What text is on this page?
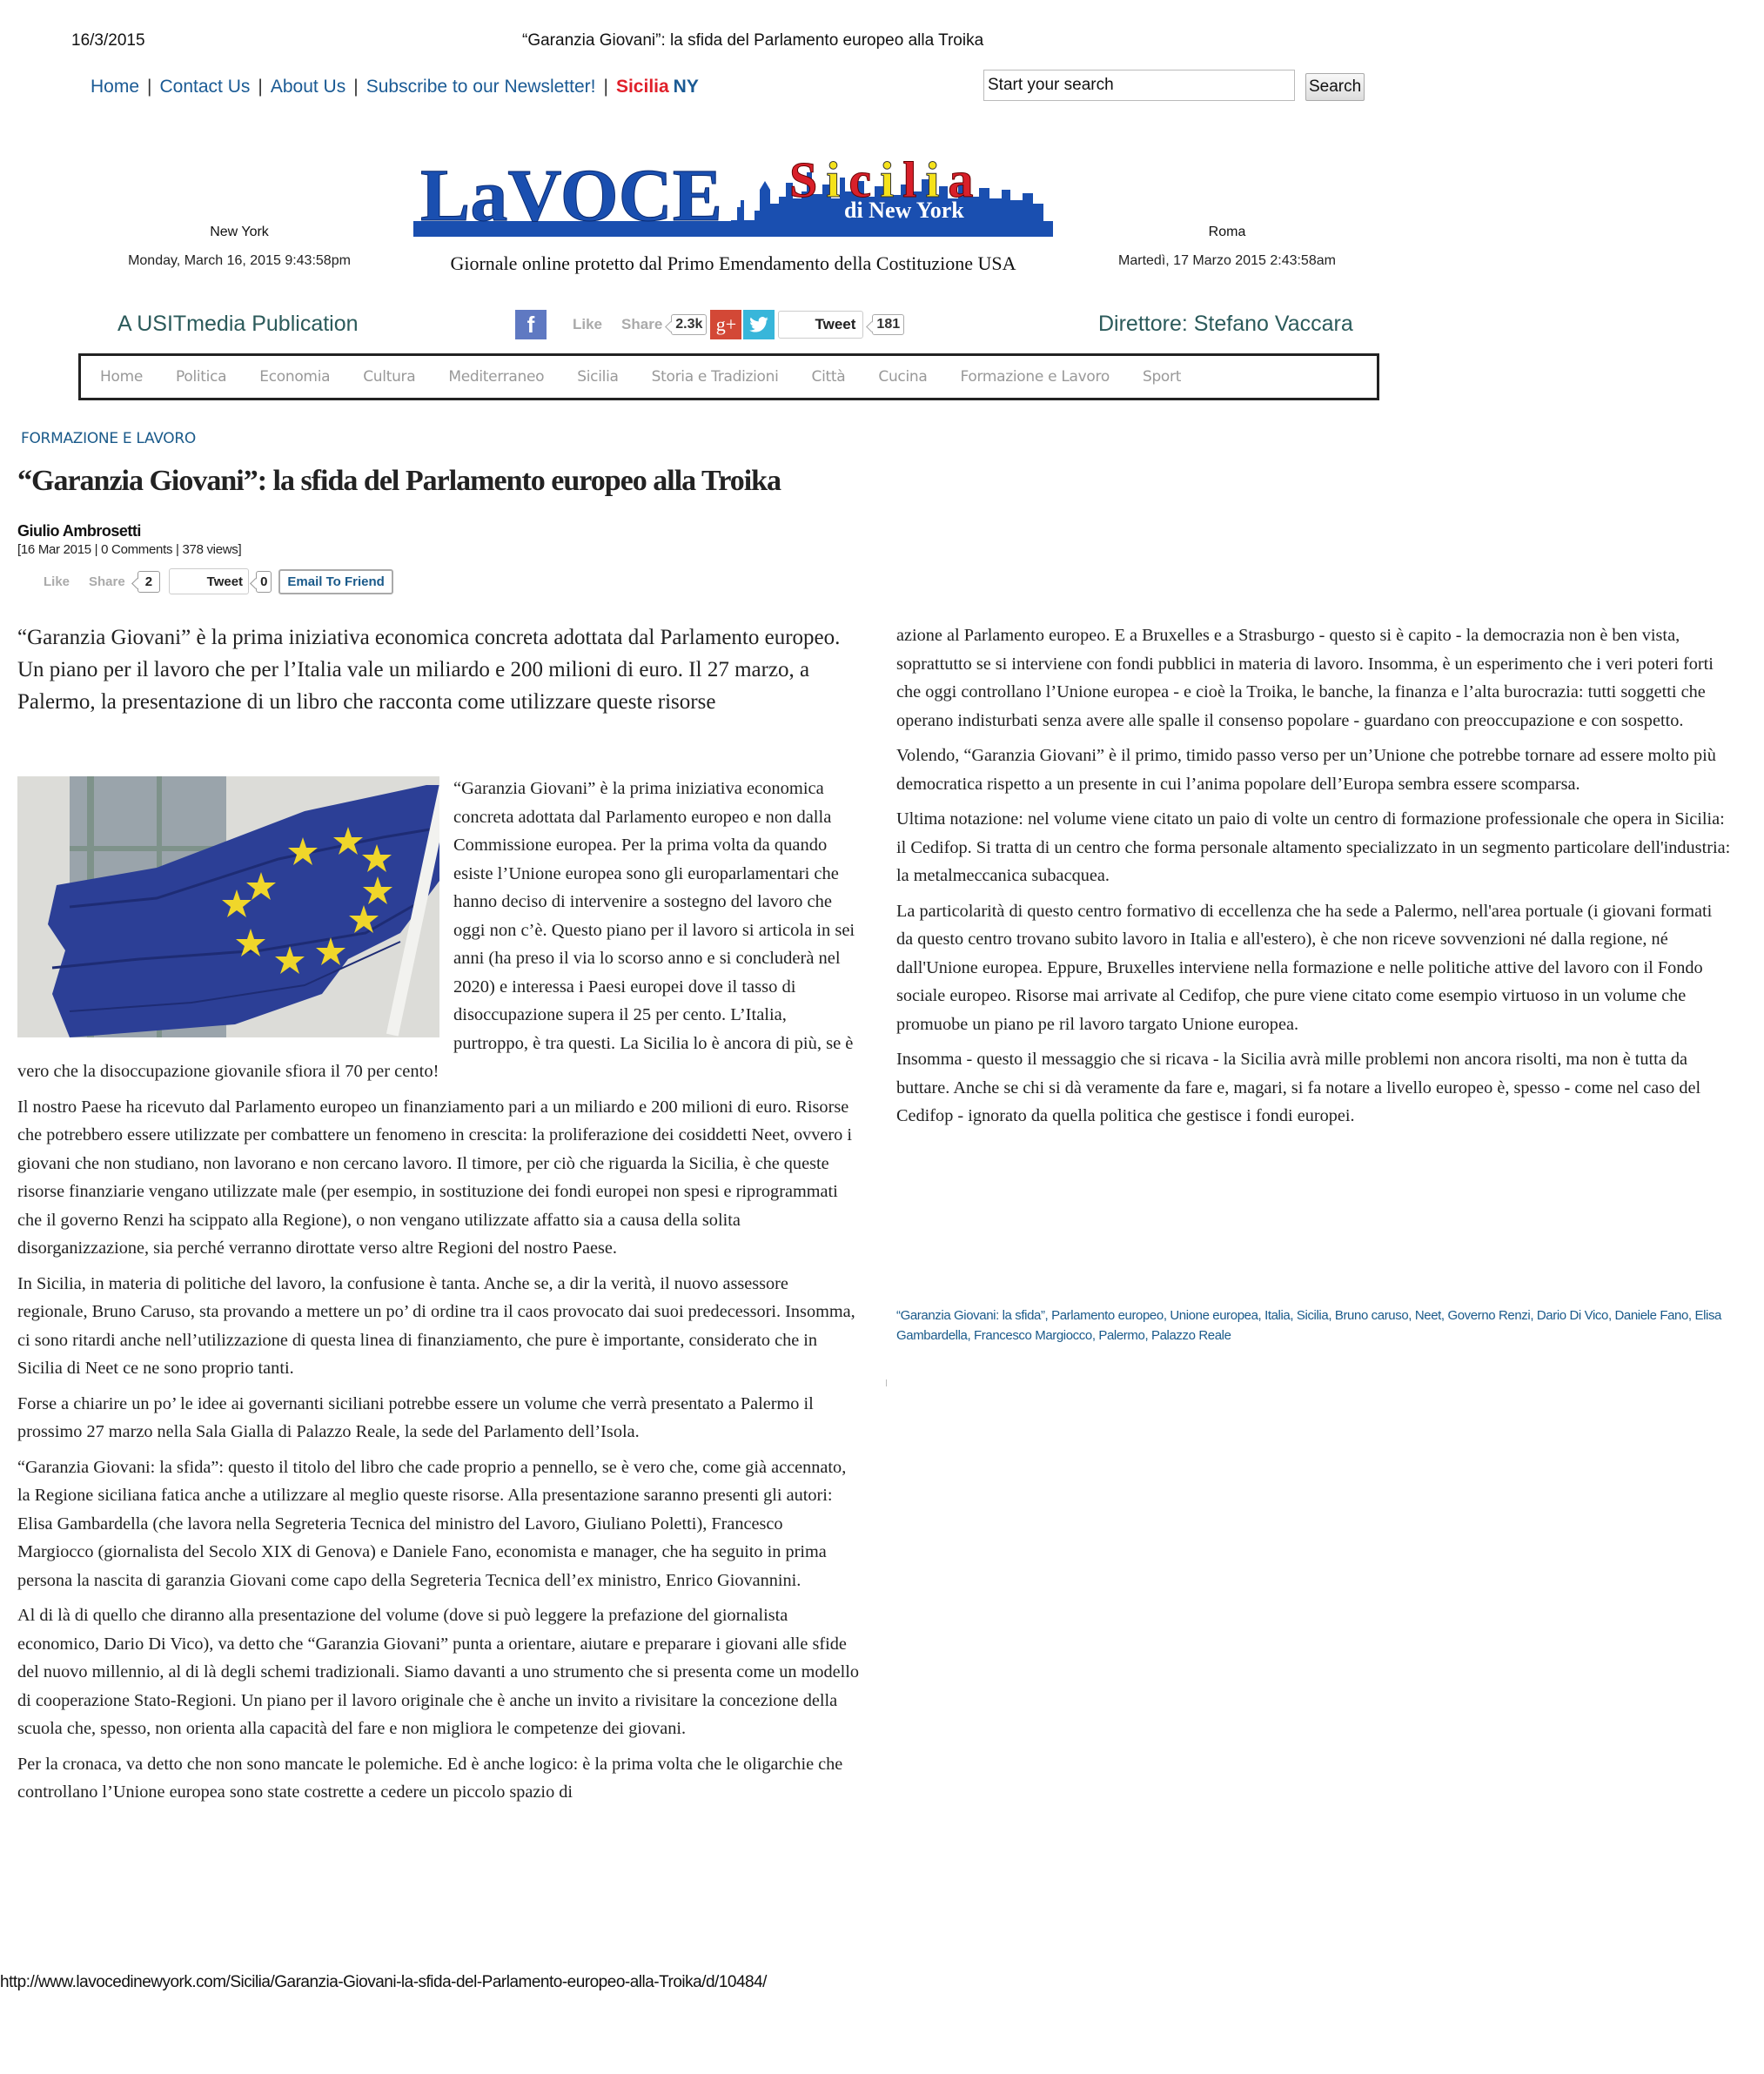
16/3/2015	“Garanzia Giovani”: la sfida del Parlamento europeo alla Troika
Home | Contact Us | About Us | Subscribe to our Newsletter! | Sicilia NY
Start your search	Search
LaVOCE S i c i l i a
di New York
New York
Monday, March 16, 2015 9:43:58pm	Giornale online protetto dal Primo Emendamento della Costituzione USA
Roma
Martedì, 17 Marzo 2015 2:43:58am
A USITmedia Publication	f	Like Share 2.3k g+	Tweet	181	Direttore: Stefano Vaccara
Home Politica Economia Cultura Mediterraneo Sicilia Storia e Tradizioni Città Cucina Formazione e Lavoro Sport
FORMAZIONE E LAVORO
“Garanzia Giovani”: la sfida del Parlamento europeo alla Troika
Giulio Ambrosetti
[16 Mar 2015 | 0 Comments | 378 views]
Like Share	2	Tweet	0	Email To Friend
“Garanzia Giovani” è la prima iniziativa economica concreta adottata dal Parlamento europeo. Un piano per il lavoro che per l’Italia vale un miliardo e 200 milioni di euro. Il 27 marzo, a Palermo, la presentazione di un libro che racconta come utilizzare queste risorse

“Garanzia Giovani” è la prima iniziativa economica concreta adottata dal Parlamento europeo e non dalla Commissione europea. Per la prima volta da quando esiste l’Unione europea sono gli europarlamentari che hanno deciso di intervenire a sostegno del lavoro che oggi non c’è. Questo piano per il lavoro si articola in sei anni (ha preso il via lo scorso anno e si concluderà nel 2020) e interessa i Paesi europei dove il tasso di disoccupazione supera il 25 per cento. L’Italia, purtroppo, è tra questi. La Sicilia lo è ancora di più, se è vero che la disoccupazione giovanile sfiora il 70 per cento!

Il nostro Paese ha ricevuto dal Parlamento europeo un finanziamento pari a un miliardo e 200 milioni di euro. Risorse che potrebbero essere utilizzate per combattere un fenomeno in crescita: la proliferazione dei cosiddetti Neet, ovvero i giovani che non studiano, non lavorano e non cercano lavoro. Il timore, per ciò che riguarda la Sicilia, è che queste risorse finanziarie vengano utilizzate male (per esempio, in sostituzione dei fondi europei non spesi e riprogrammati che il governo Renzi ha scippato alla Regione), o non vengano utilizzate affatto sia a causa della solita disorganizzazione, sia perché verranno dirottate verso altre Regioni del nostro Paese.

In Sicilia, in materia di politiche del lavoro, la confusione è tanta. Anche se, a dir la verità, il nuovo assessore regionale, Bruno Caruso, sta provando a mettere un po’ di ordine tra il caos provocato dai suoi predecessori. Insomma, ci sono ritardi anche nell’utilizzazione di questa linea di finanziamento, che pure è importante, considerato che in Sicilia di Neet ce ne sono proprio tanti.

Forse a chiarire un po’ le idee ai governanti siciliani potrebbe essere un volume che verrà presentato a Palermo il prossimo 27 marzo nella Sala Gialla di Palazzo Reale, la sede del Parlamento dell’Isola.

“Garanzia Giovani: la sfida”: questo il titolo del libro che cade proprio a pennello, se è vero che, come già accennato, la Regione siciliana fatica anche a utilizzare al meglio queste risorse. Alla presentazione saranno presenti gli autori: Elisa Gambardella (che lavora nella Segreteria Tecnica del ministro del Lavoro, Giuliano Poletti), Francesco Margiocco (giornalista del Secolo XIX di Genova) e Daniele Fano, economista e manager, che ha seguito in prima persona la nascita di garanzia Giovani come capo della Segreteria Tecnica dell’ex ministro, Enrico Giovannini.

Al di là di quello che diranno alla presentazione del volume (dove si può leggere la prefazione del giornalista economico, Dario Di Vico), va detto che “Garanzia Giovani” punta a orientare, aiutare e preparare i giovani alle sfide del nuovo millennio, al di là degli schemi tradizionali. Siamo davanti a uno strumento che si presenta come un modello di cooperazione Stato-Regioni. Un piano per il lavoro originale che è anche un invito a rivisitare la concezione della scuola che, spesso, non orienta alla capacità del fare e non migliora le competenze dei giovani.

Per la cronaca, va detto che non sono mancate le polemiche. Ed è anche logico: è la prima volta che le oligarchie che controllano l’Unione europea sono state costrette a cedere un piccolo spazio di

azione al Parlamento europeo. E a Bruxelles e a Strasburgo - questo si è capito - la democrazia non è ben vista, soprattutto se si interviene con fondi pubblici in materia di lavoro. Insomma, è un esperimento che i veri poteri forti che oggi controllano l’Unione europea - e cioè la Troika, le banche, la finanza e l’alta burocrazia: tutti soggetti che operano indisturbati senza avere alle spalle il consenso popolare - guardano con preoccupazione e con sospetto.

Volendo, “Garanzia Giovani” è il primo, timido passo verso per un’Unione che potrebbe tornare ad essere molto più democratica rispetto a un presente in cui l’anima popolare dell’Europa sembra essere scomparsa.

Ultima notazione: nel volume viene citato un paio di volte un centro di formazione professionale che opera in Sicilia: il Cedifop. Si tratta di un centro che forma personale altamento specializzato in un segmento particolare dell'industria: la metalmeccanica subacquea.

La particolarità di questo centro formativo di eccellenza che ha sede a Palermo, nell'area portuale (i giovani formati da questo centro trovano subito lavoro in Italia e all'estero), è che non riceve sovvenzioni né dalla regione, né dall'Unione europea. Eppure, Bruxelles interviene nella formazione e nelle politiche attive del lavoro con il Fondo sociale europeo. Risorse mai arrivate al Cedifop, che pure viene citato come esempio virtuoso in un volume che promuobe un piano pe ril lavoro targato Unione europea.

Insomma - questo il messaggio che si ricava - la Sicilia avrà mille problemi non ancora risolti, ma non è tutta da buttare. Anche se chi si dà veramente da fare e, magari, si fa notare a livello europeo è, spesso - come nel caso del Cedifop - ignorato da quella politica che gestisce i fondi europei.

“Garanzia Giovani: la sfida”, Parlamento europeo, Unione europea, Italia, Sicilia, Bruno caruso, Neet, Governo Renzi, Dario Di Vico, Daniele Fano, Elisa Gambardella, Francesco Margiocco, Palermo, Palazzo Reale
http://www.lavocedinewyork.com/Sicilia/Garanzia-Giovani-la-sfida-del-Parlamento-europeo-alla-Troika/d/10484/
